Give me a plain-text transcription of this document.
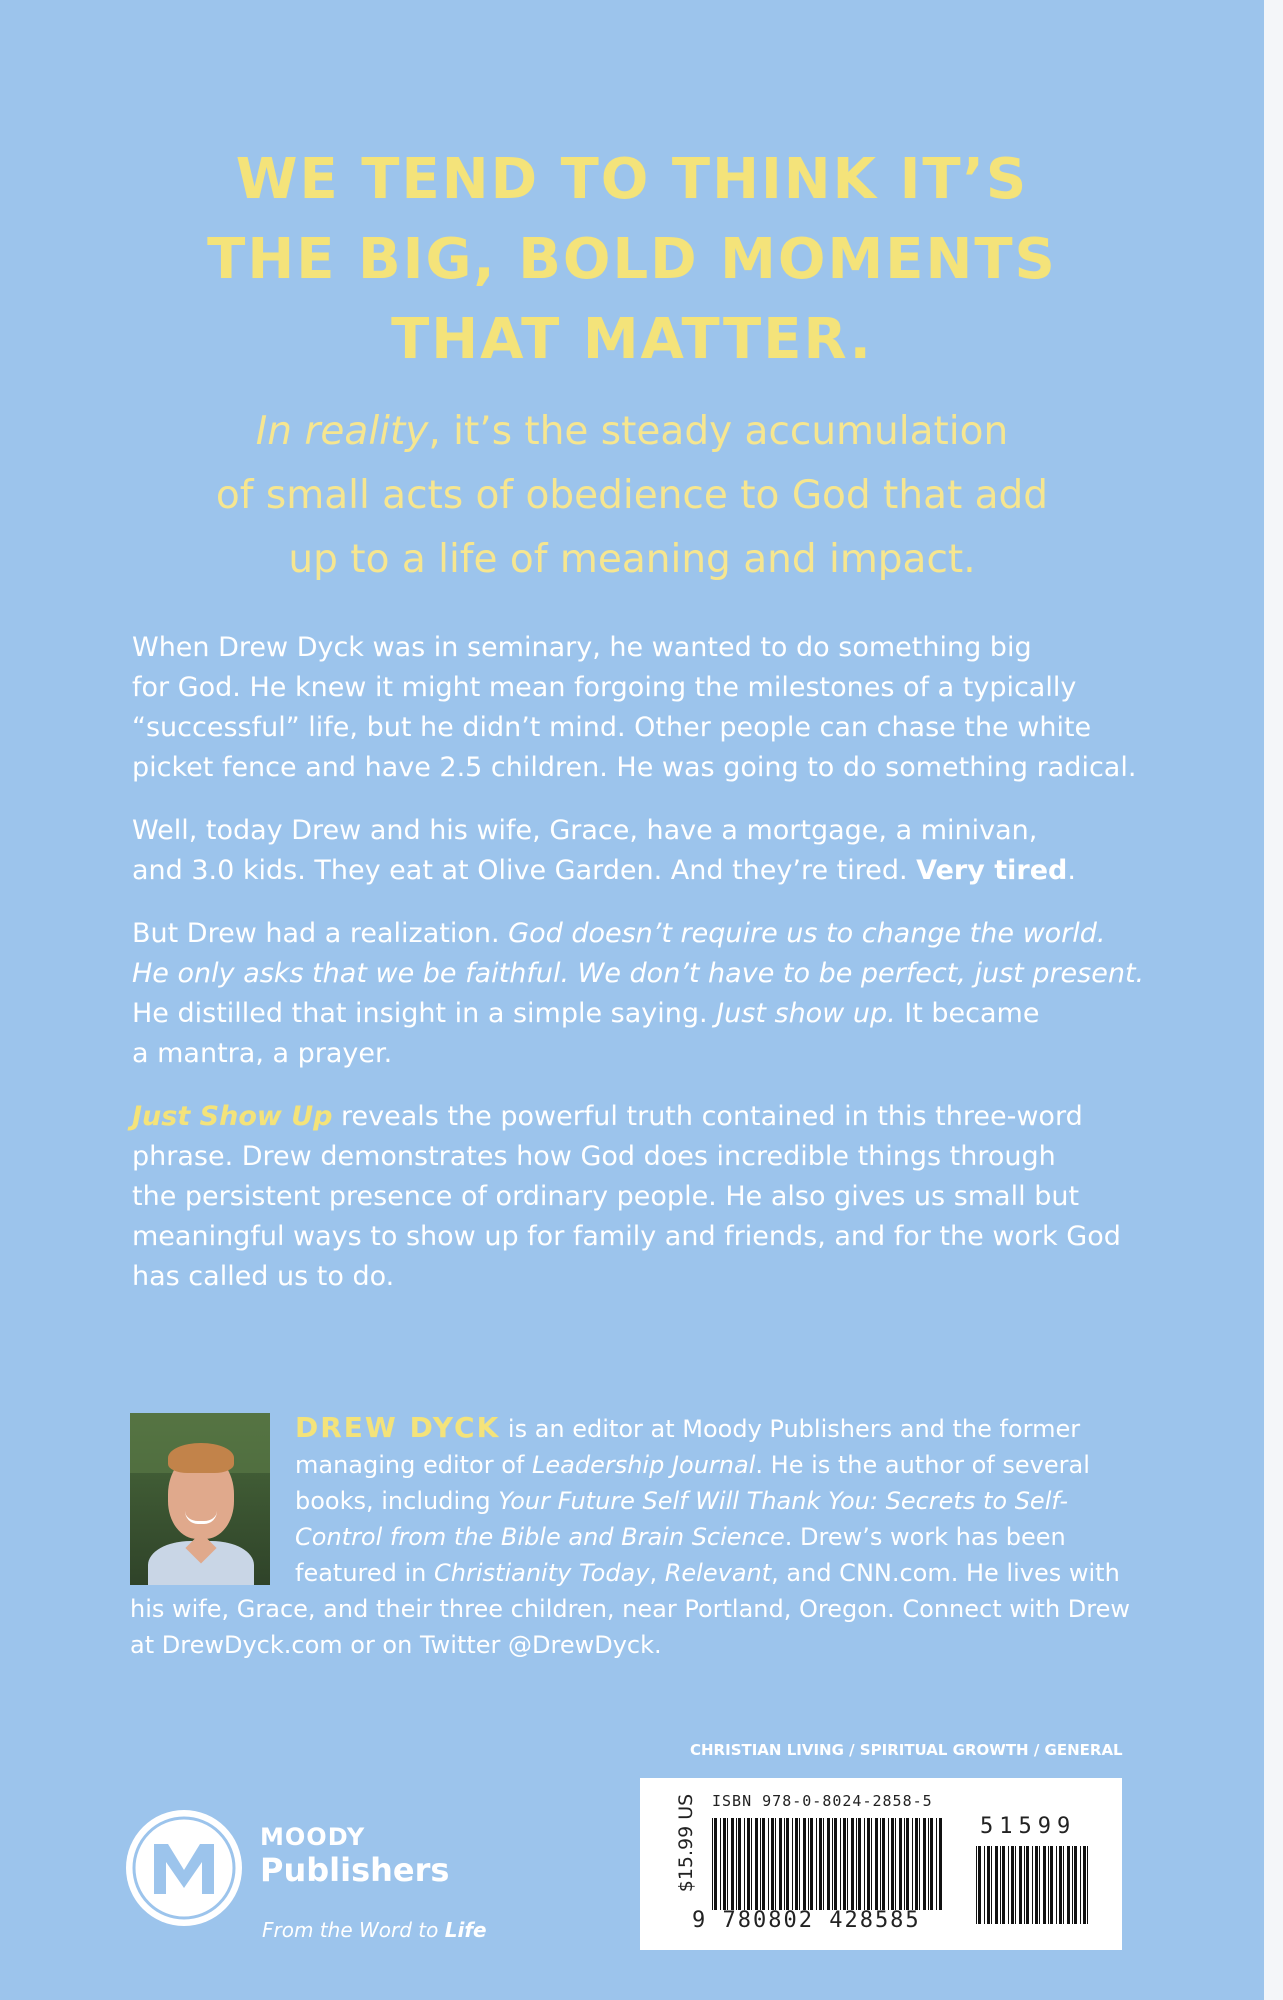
WE TEND TO THINK IT’S
THE BIG, BOLD MOMENTS
THAT MATTER.
In reality, it’s the steady accumulation
of small acts of obedience to God that add
up to a life of meaning and impact.

When Drew Dyck was in seminary, he wanted to do something big
for God. He knew it might mean forgoing the milestones of a typically
“successful” life, but he didn’t mind. Other people can chase the white
picket fence and have 2.5 children. He was going to do something radical.

Well, today Drew and his wife, Grace, have a mortgage, a minivan,
and 3.0 kids. They eat at Olive Garden. And they’re tired. Very tired.

But Drew had a realization. God doesn’t require us to change the world.
He only asks that we be faithful. We don’t have to be perfect, just present.
He distilled that insight in a simple saying. Just show up. It became
a mantra, a prayer.

Just Show Up reveals the powerful truth contained in this three-word
phrase. Drew demonstrates how God does incredible things through
the persistent presence of ordinary people. He also gives us small but
meaningful ways to show up for family and friends, and for the work God
has called us to do.

DREW DYCK is an editor at Moody Publishers and the former
managing editor of Leadership Journal. He is the author of several
books, including Your Future Self Will Thank You: Secrets to Self-
Control from the Bible and Brain Science. Drew’s work has been
featured in Christianity Today, Relevant, and CNN.com. He lives with
his wife, Grace, and their three children, near Portland, Oregon. Connect with Drew
at DrewDyck.com or on Twitter @DrewDyck.
CHRISTIAN LIVING / SPIRITUAL GROWTH / GENERAL
$15.99 US ISBN 978-0-8024-2858-5
51599
9 780802 428585
MOODY
Publishers
From the Word to Life
